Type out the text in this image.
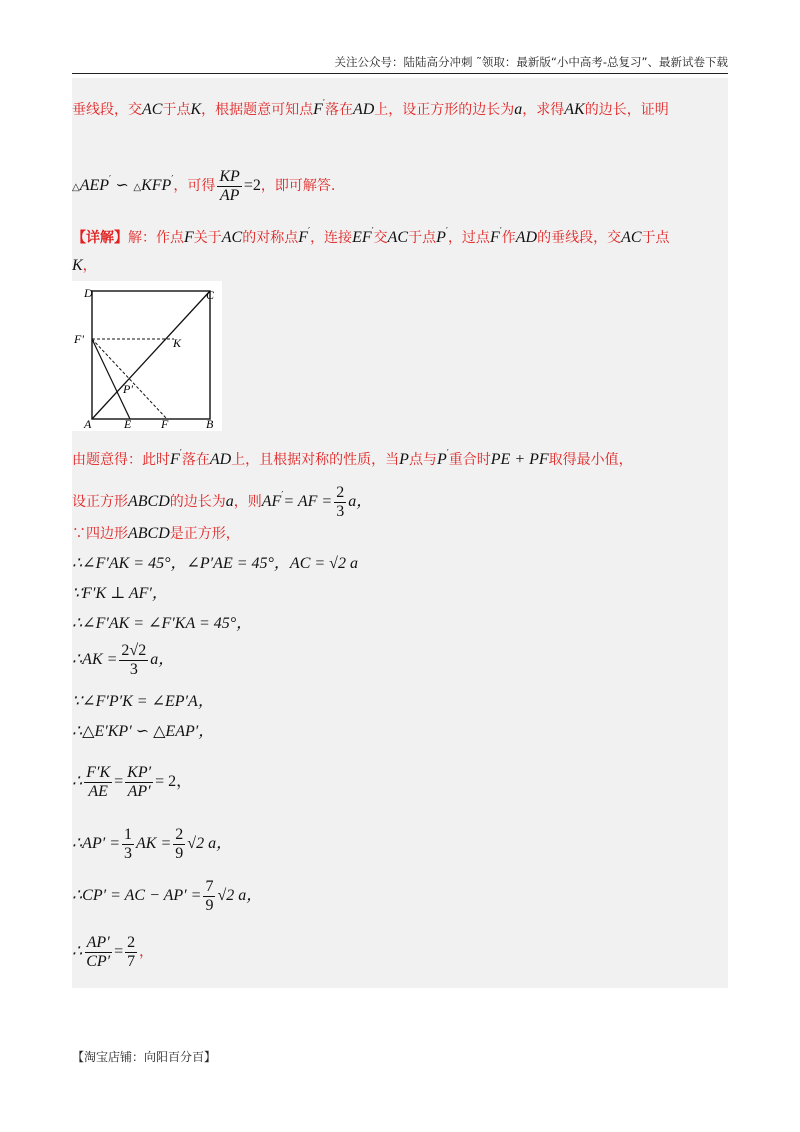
关注公众号：陆陆高分冲刺 ˜领取：最新版“小中高考-总复习”、最新试卷下载
垂线段，交AC于点K，根据题意可知点F′落在AD上，设正方形的边长为a，求得AK的边长，证明
△AEP′ ∽ △KFP′，可得 $\frac{KP}{AP} =2$，即可解答.
【详解】解：作点F关于AC的对称点F′，连接EF′交AC于点P′，过点F′作AD的垂线段，交AC于点
K，
D	C
F'	K
P'
A	E F	B
由题意得：此时F′落在AD上，且根据对称的性质，当P点与P′重合时PE + PF取得最小值，
设正方形ABCD的边长为a，则AF′= AF = $\frac{2}{3}$ a，
∵四边形ABCD是正方形，
∴∠F′AK = 45°，∠P′AE = 45°，AC = √2 a
∵F′K ⊥ AF′，
∴∠F′AK = ∠F′KA = 45°，
∴AK = $\frac{2√2}{3}$ a，
∵∠F′P′K = ∠EP′A，
∴△E′KP′ ∽ △EAP′，
∴ $\frac{F'K}{AE} = \frac{KP'}{AP'} = 2$，
∴AP′ = $\frac{1}{3}$ AK = $\frac{2}{9} √2$ a，
∴CP′ = AC − $AP' = \frac{7}{9} √2$ a，
∴ $\frac{AP'}{CP'} = \frac{2}{7}$ ，
【淘宝店铺：向阳百分百】
